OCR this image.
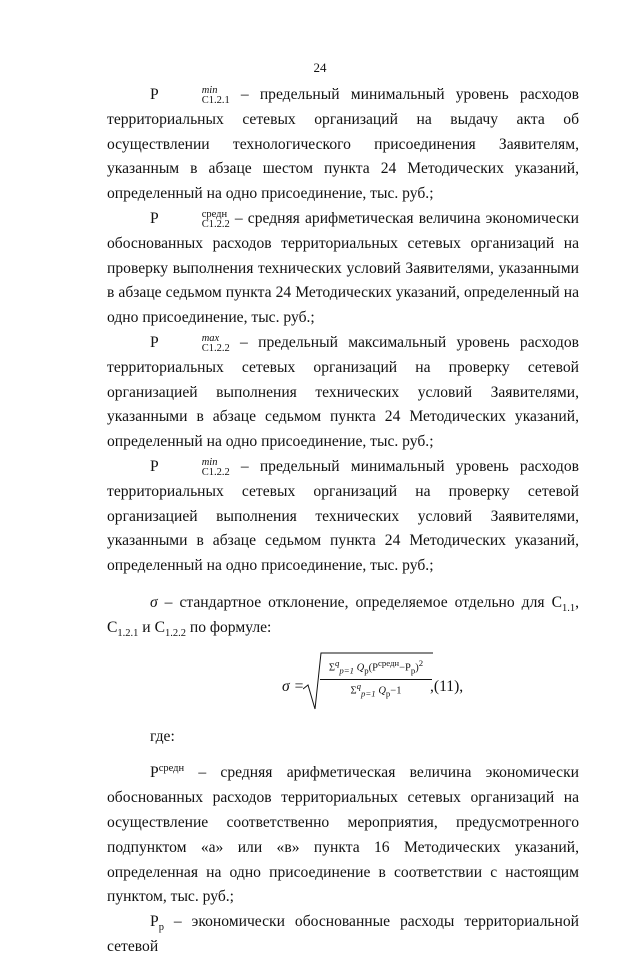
24

P	min
C1.2.1 – предельный минимальный уровень расходов территориальных сетевых организаций на выдачу акта об осуществлении технологического присоединения Заявителям, указанным в абзаце шестом пункта 24 Методических указаний, определенный на одно присоединение, тыс. руб.;

P	средн
C1.2.2 – средняя арифметическая величина экономически обоснованных расходов территориальных сетевых организаций на проверку выполнения технических условий Заявителями, указанными в абзаце седьмом пункта 24 Методических указаний, определенный на одно присоединение, тыс. руб.;

P	max
C1.2.2 – предельный максимальный уровень расходов территориальных сетевых организаций на проверку сетевой организацией выполнения технических условий Заявителями, указанными в абзаце седьмом пункта 24 Методических указаний, определенный на одно присоединение, тыс. руб.;

P	min
C1.2.2 – предельный минимальный уровень расходов территориальных сетевых организаций на проверку сетевой организацией выполнения технических условий Заявителями, указанными в абзаце седьмом пункта 24 Методических указаний, определенный на одно присоединение, тыс. руб.;

σ – стандартное отклонение, определяемое отдельно для $C_{1.1}$, $C_{1.2.1}$ и $C_{1.2.2}$ по формуле:

σ =
$\Sigma^q_{p=1}$ $Q_p(P^{средн}-P_p)^2$
$\Sigma^q_{p=1}$ $Q_p-1$	,(11),

где:

$P^{средн}$ – средняя арифметическая величина экономически обоснованных расходов территориальных сетевых организаций на осуществление соответственно мероприятия, предусмотренного подпунктом «а» или «в» пункта 16 Методических указаний, определенная на одно присоединение в соответствии с настоящим пунктом, тыс. руб.;

$P_p$ – экономически обоснованные расходы территориальной сетевой
